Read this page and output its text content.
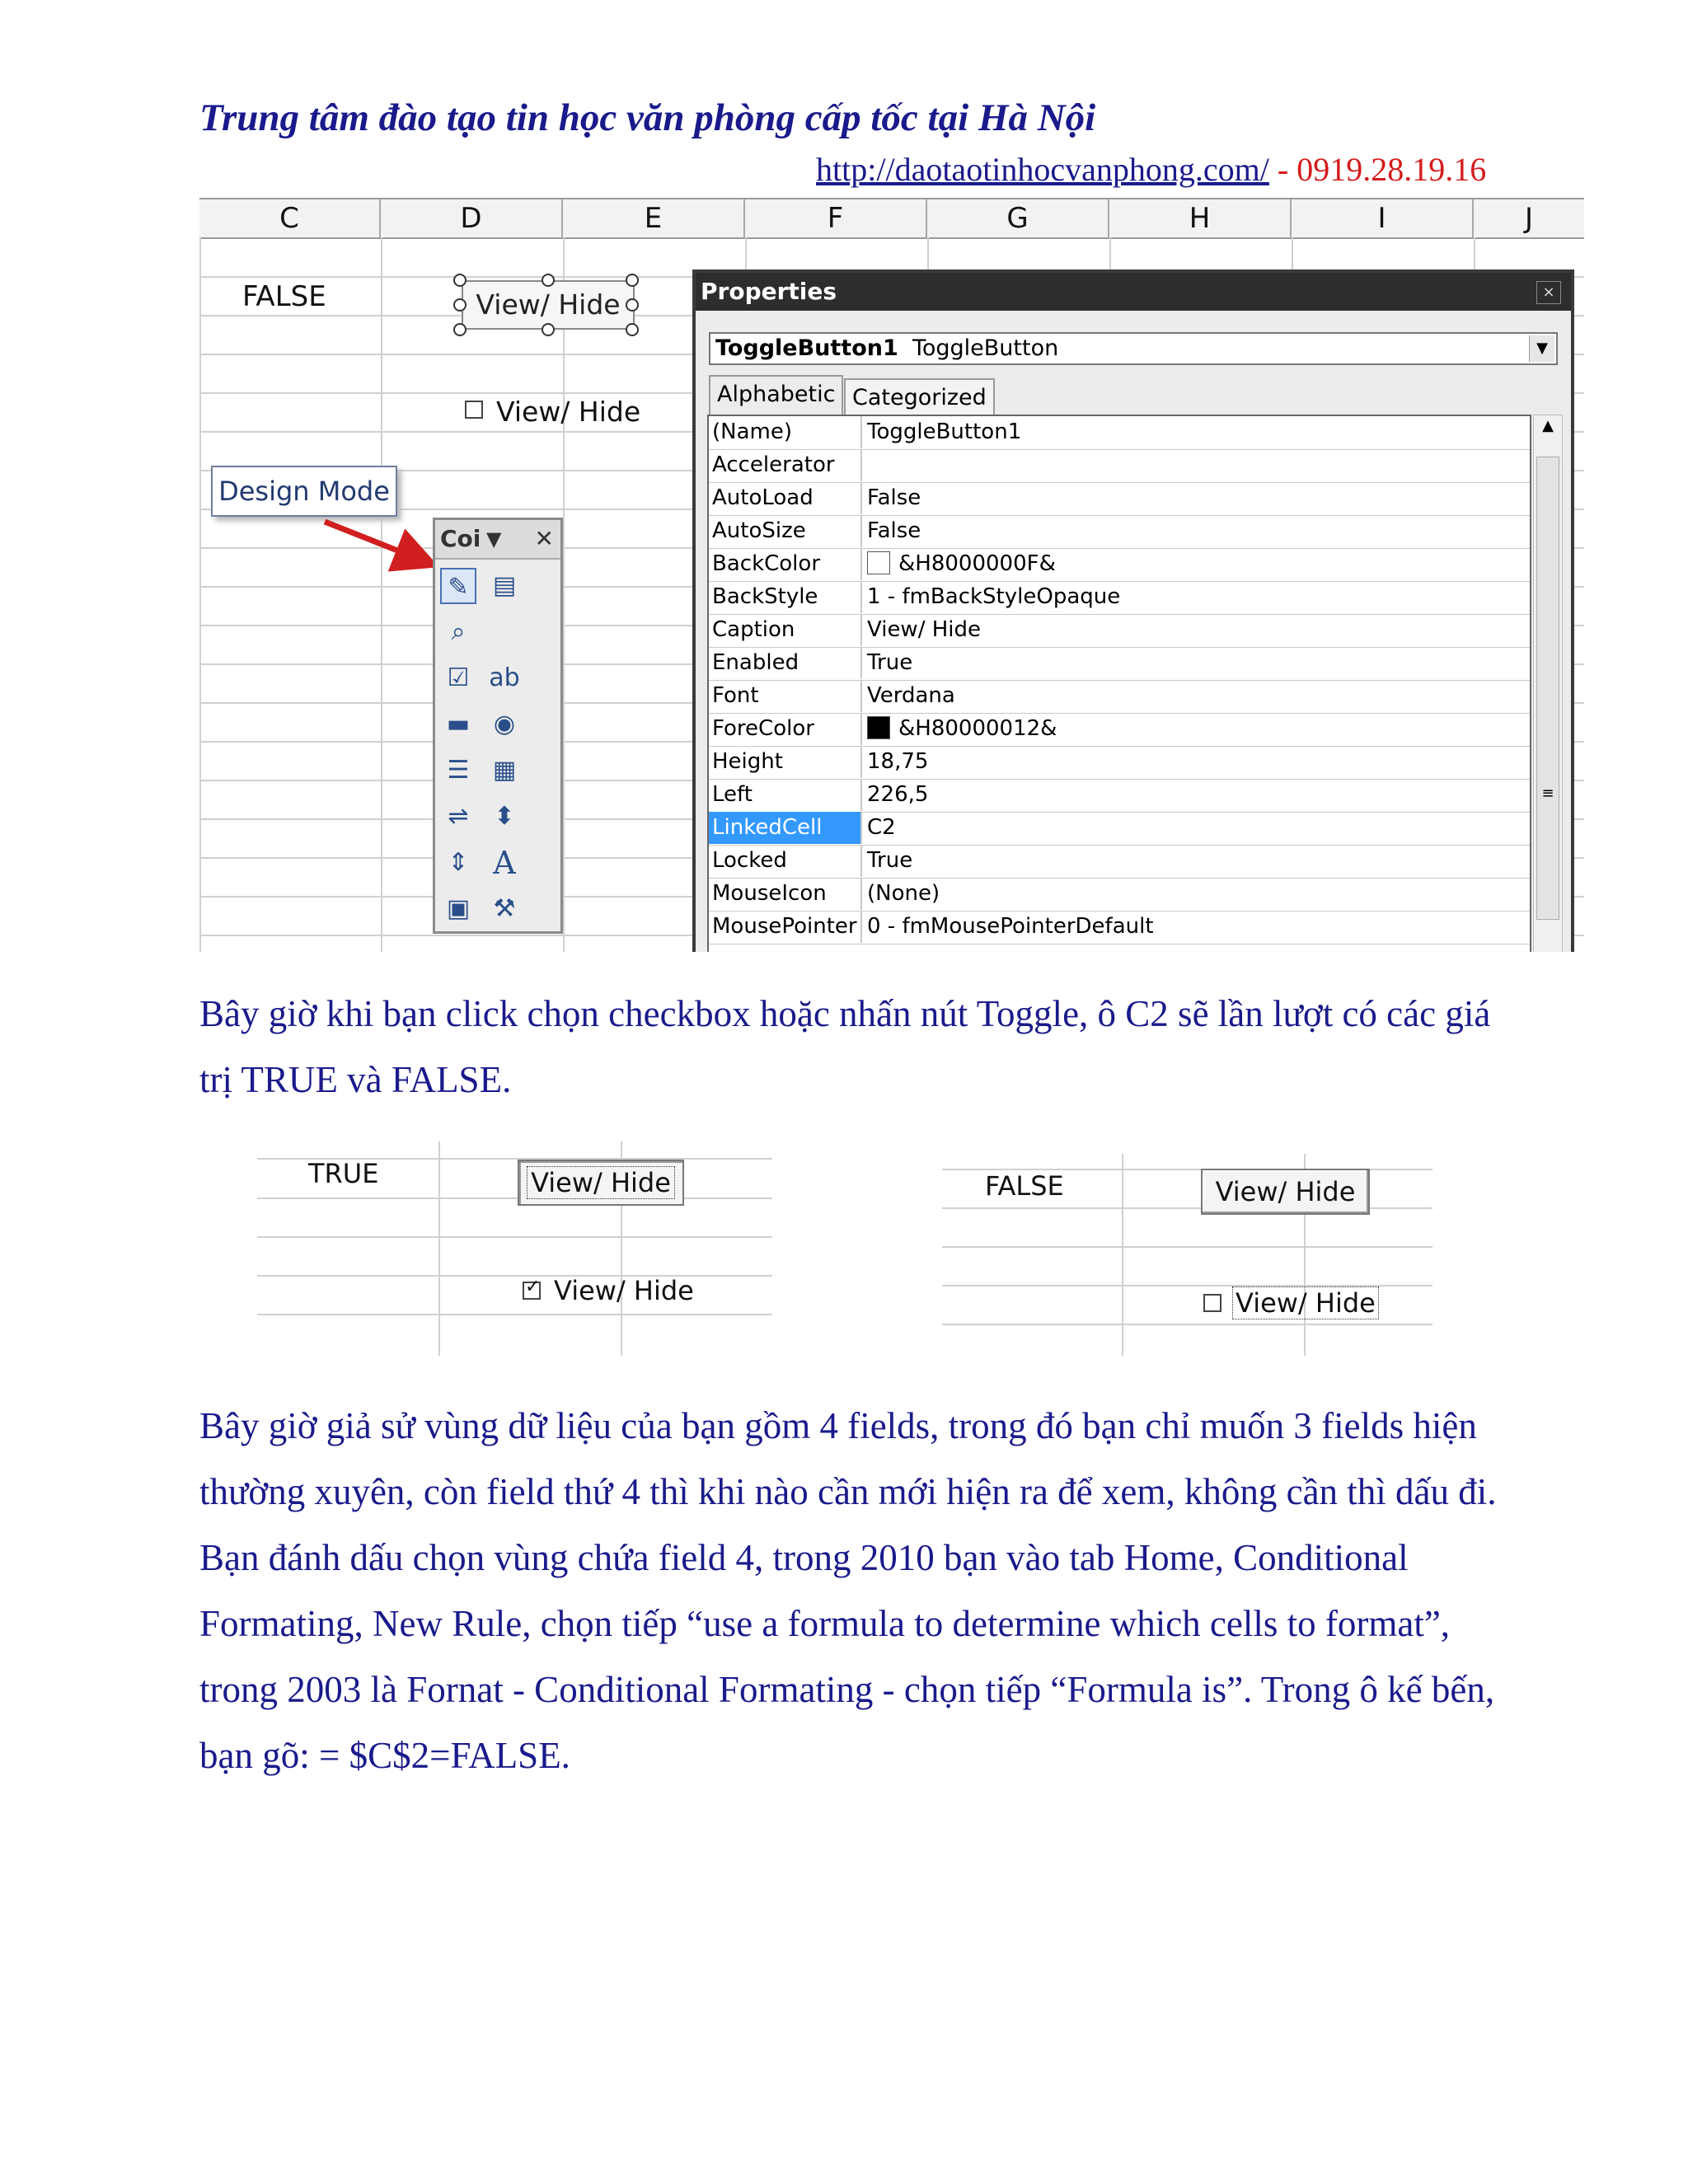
Trung tâm đào tạo tin học văn phòng cấp tốc tại Hà Nội
http://daotaotinhocvanphong.com/ - 0919.28.19.16
C	D	E	F	G	H	I	J
FALSE	View/ Hide
View/ Hide
Design Mode
Coi ▼ ✕
✎ ▤
⌕
☑ ab
▬ ◉
☰ ▦
⇌	⬍
⇕ A
▣ ⚒
Properties	×
ToggleButton1 ToggleButton	▼
Alphabetic Categorized
(Name)	ToggleButton1
Accelerator
AutoLoad	False
AutoSize	False
BackColor	&H8000000F&
BackStyle	1 - fmBackStyleOpaque
Caption	View/ Hide
Enabled	True
Font	Verdana
ForeColor	&H80000012&
Height	18,75
Left	226,5
LinkedCell	C2
Locked	True
MouseIcon	(None)
MousePointer 0 - fmMousePointerDefault
▲
≡
Bây giờ khi bạn click chọn checkbox hoặc nhấn nút Toggle, ô C2 sẽ lần lượt có các giá trị TRUE và FALSE.
TRUE	View/ Hide
✓ View/ Hide
FALSE	View/ Hide
View/ Hide
Bây giờ giả sử vùng dữ liệu của bạn gồm 4 fields, trong đó bạn chỉ muốn 3 fields hiện thường xuyên, còn field thứ 4 thì khi nào cần mới hiện ra để xem, không cần thì dấu đi. Bạn đánh dấu chọn vùng chứa field 4, trong 2010 bạn vào tab Home, Conditional Formating, New Rule, chọn tiếp “use a formula to determine which cells to format”, trong 2003 là Fornat - Conditional Formating - chọn tiếp “Formula is”. Trong ô kế bến, bạn gõ: = $C$2=FALSE.
